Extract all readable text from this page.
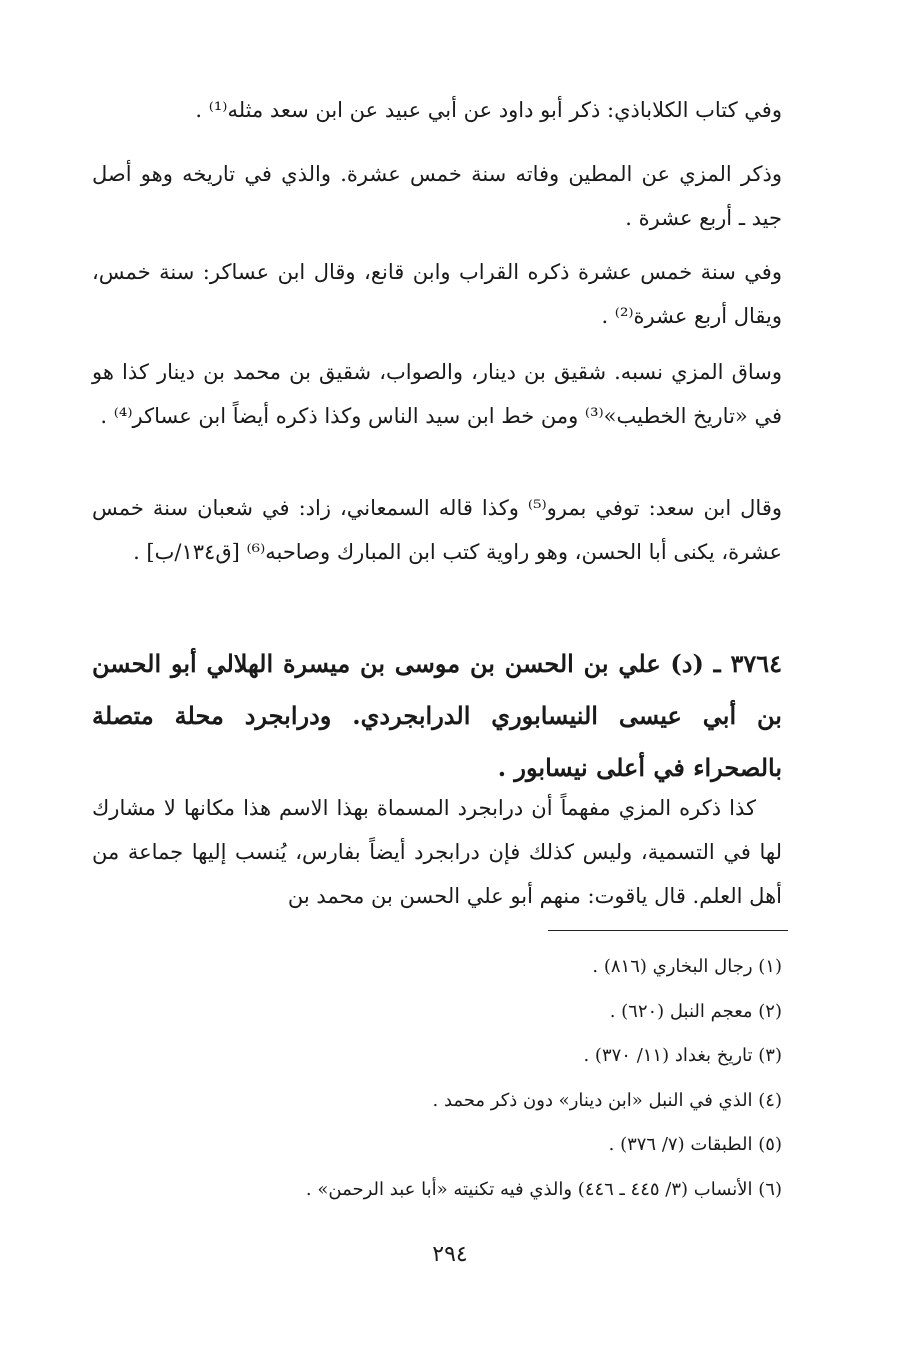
وفي كتاب الكلاباذي: ذكر أبو داود عن أبي عبيد عن ابن سعد مثله⁽¹⁾ .

وذكر المزي عن المطين وفاته سنة خمس عشرة. والذي في تاريخه وهو أصل جيد ـ أربع عشرة .

وفي سنة خمس عشرة ذكره القراب وابن قانع، وقال ابن عساكر: سنة خمس، ويقال أربع عشرة⁽²⁾ .

وساق المزي نسبه. شقيق بن دينار، والصواب، شقيق بن محمد بن دينار كذا هو في «تاريخ الخطيب»⁽³⁾ ومن خط ابن سيد الناس وكذا ذكره أيضاً ابن عساكر⁽⁴⁾ .

وقال ابن سعد: توفي بمرو⁽⁵⁾ وكذا قاله السمعاني، زاد: في شعبان سنة خمس عشرة، يكنى أبا الحسن، وهو راوية كتب ابن المبارك وصاحبه⁽⁶⁾ [ق١٣٤/ب] .

٣٧٦٤ ـ (د) علي بن الحسن بن موسى بن ميسرة الهلالي أبو الحسن بن أبي عيسى النيسابوري الدرابجردي. ودرابجرد محلة متصلة بالصحراء في أعلى نيسابور .

كذا ذكره المزي مفهماً أن درابجرد المسماة بهذا الاسم هذا مكانها لا مشارك لها في التسمية، وليس كذلك فإن درابجرد أيضاً بفارس، يُنسب إليها جماعة من أهل العلم. قال ياقوت: منهم أبو علي الحسن بن محمد بن

(١) رجال البخاري (٨١٦) .

(٢) معجم النبل (٦٢٠) .

(٣) تاريخ بغداد (١١/ ٣٧٠) .

(٤) الذي في النبل «ابن دينار» دون ذكر محمد .

(٥) الطبقات (٧/ ٣٧٦) .

(٦) الأنساب (٣/ ٤٤٥ ـ ٤٤٦) والذي فيه تكنيته «أبا عبد الرحمن» .

٢٩٤
